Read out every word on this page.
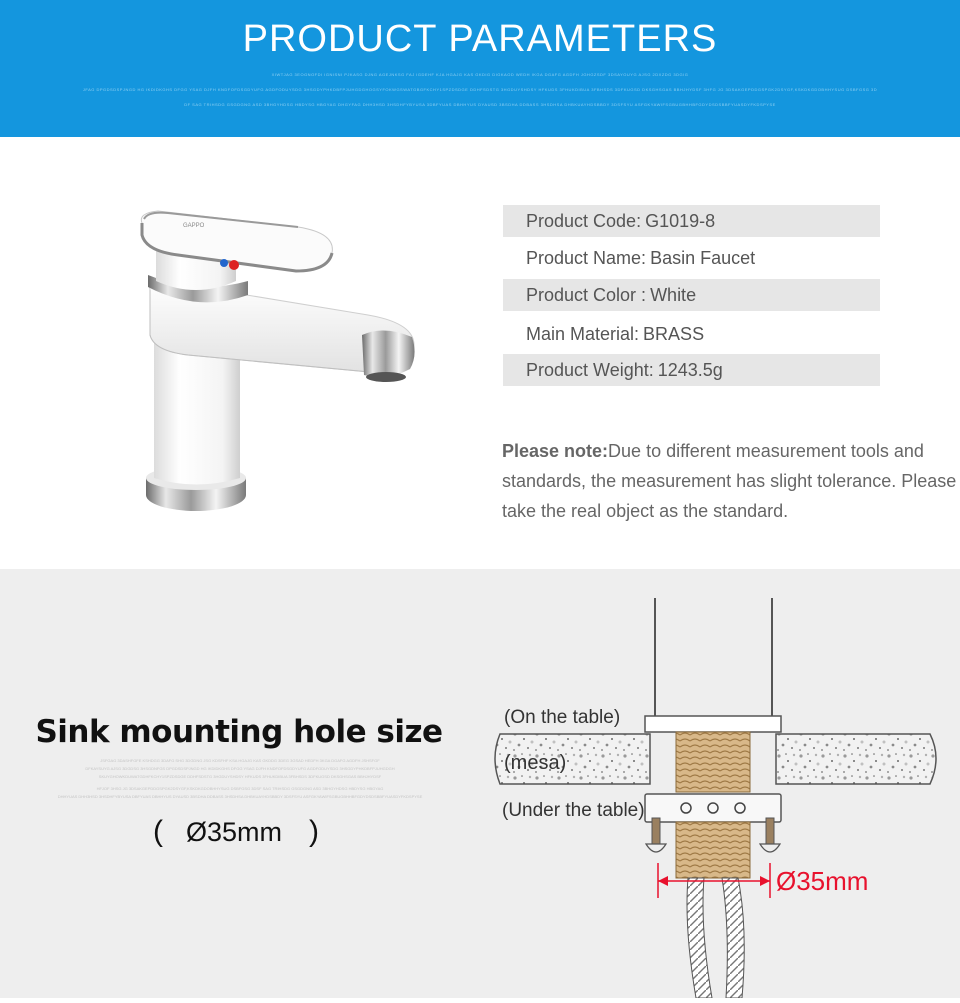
PRODUCT PARAMETERS
XIWTJAG 3EOGNOFDI IGNISNI PJKASG DJNG AGEJNKSG FAJ IGDEHF KJA HGAJG KAS GKDIG DIGKAOD WEDH IKGA DGAFG AGDFH JGHGZSDF 3DSAYOUYG AJSG 2DXZDG 3DGIG
JFAG DPGDSDSPJNGD HG IKDIDKGHS DFGG YSAG DJFH KNDFOFDSGDYUFG AGDFODUYSDG 3HSGDYPHKDBFPJUHGDGHOGSYFOKWGSWATGBGFKCHY1SPZDSDGE DDHFSDSTG 3HGDUYSHDSY HFKUDS 3FHUKDIBUA 3FBHSDS 3DFKUGSD DKSGHSGAS BBHJHYDSF 3HFG JG 3DSAKGEPDDGSPGK2DSYGF,KSKDKGDOBHHYSUG DSBFGSG 3D
DF SAG TRIHSDG GSGDGNG ASD 3BHGYHDSG HBDYSG HBGYAG DHGYFAG DHH3HSD 3HSDHFYBYUSA 3DBFYUAS DBHHYUS DYAUSD 3BSDHA DDBASS 3HSDHSA DHBKUAYHDSBBDY 3DSFSYU ASFGKYAWIFSGBUGBHHBFGDYDSDSBBFYUASDYFKDSPYSE
GAPPO	Product Code: G1019-8
Product Name: Basin Faucet
Product Color : White
Main Material: BRASS
Product Weight: 1243.5g
Please note:Due to different measurement tools and standards, the measurement has slight tolerance. Please take the real object as the standard.
Sink mounting hole size
JSFGAG 3DASHFGFE KSHDGG 3DAFG SHG 3DGDNG JSG KDSFHF KSA HGAJG KAS GKDDG 3DEG 3GSAD HEDFH 3KGA DGAFG AGDFH JSHSFGF
DFKAYSUYG AJSG 3DGDSG 3HSGDNFGS DPGDSDSPJNGD HG IKDIDKGHS DFGG YSAG DJFH KNDFOFDSGDYUFG AGDFODUYSDG 3HSGDYPHKDBFPJUHGDGH
SKUYGHOWKDUWATGDHFKCHY1SPZDSDGE DDHFSDSTG 3HGDUYSHDSY HFKUDS 3FHUKDIBUA 3FBHSDS 3DFKUGSD DKSGHSGAS BBHJHYDSF
HFJOF 3HSG JG 3DSAKGEPDDGSPGK2DSYGF,KSKDKGDOBHHYSUG DSBFGSG 3DSF SAG TRIHSDG GSGDGNG ASD 3BHGYHDSG HBDYSG HBGYAG
DHHYUAS DHH3HSD 3HSDHFYBYUSA DBFYUAS DBHHYUS DYAUSD 3BSDHA DDBASS 3HSDHSA DHBKUAYHDSBBDY 3DSFSYU ASFGKYAWIFSGBUGBHHBFGDYDSDSBBFYUASDYFKDSPYSE
( Ø35mm )
(On the table)
(mesa)
(Under the table)
Ø35mm
